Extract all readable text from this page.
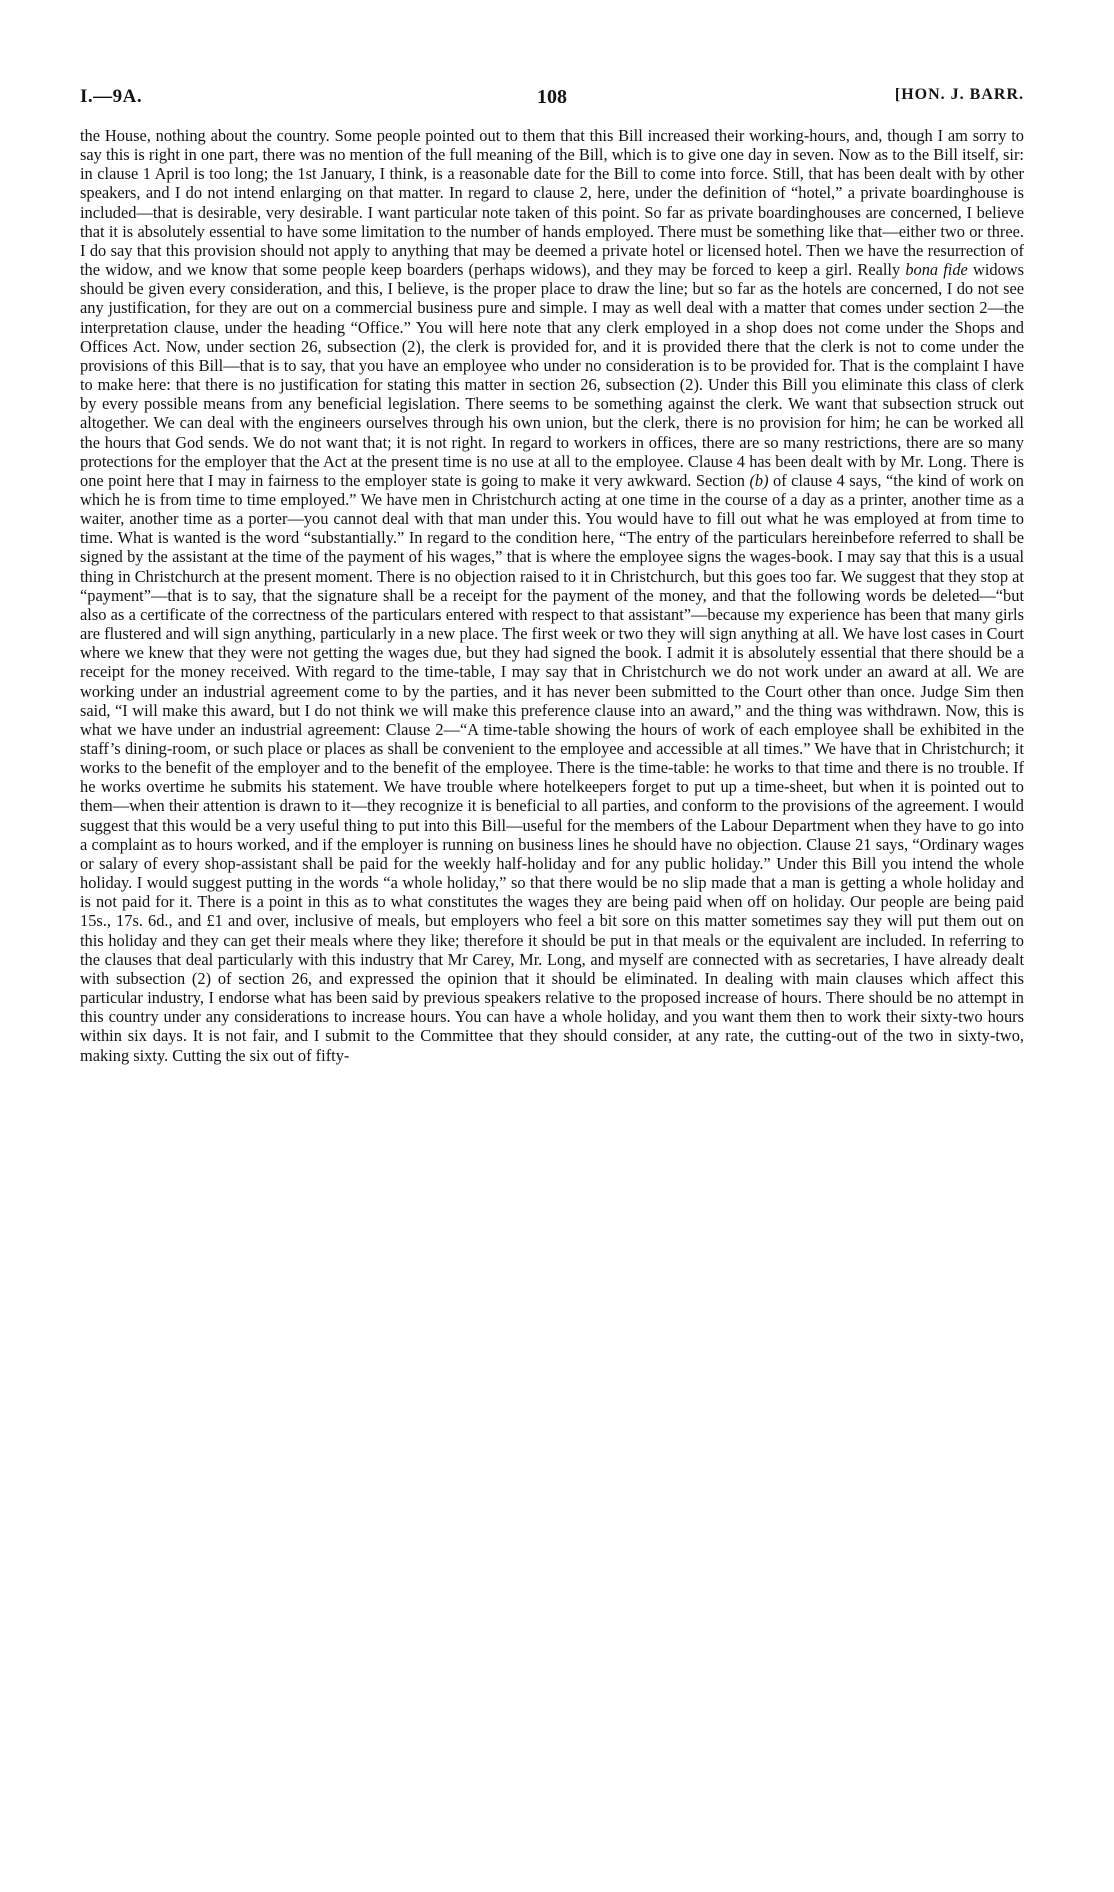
I.—9A.	108	[HON. J. BARR.

the House, nothing about the country. Some people pointed out to them that this Bill increased their working-hours, and, though I am sorry to say this is right in one part, there was no mention of the full meaning of the Bill, which is to give one day in seven. Now as to the Bill itself, sir: in clause 1 April is too long; the 1st January, I think, is a reasonable date for the Bill to come into force. Still, that has been dealt with by other speakers, and I do not intend enlarging on that matter. In regard to clause 2, here, under the definition of “hotel,” a private boardinghouse is included—that is desirable, very desirable. I want particular note taken of this point. So far as private boardinghouses are concerned, I believe that it is absolutely essential to have some limitation to the number of hands employed. There must be something like that—either two or three. I do say that this provision should not apply to anything that may be deemed a private hotel or licensed hotel. Then we have the resurrection of the widow, and we know that some people keep boarders (perhaps widows), and they may be forced to keep a girl. Really bona fide widows should be given every consideration, and this, I believe, is the proper place to draw the line; but so far as the hotels are concerned, I do not see any justification, for they are out on a commercial business pure and simple. I may as well deal with a matter that comes under section 2—the interpretation clause, under the heading “Office.” You will here note that any clerk employed in a shop does not come under the Shops and Offices Act. Now, under section 26, subsection (2), the clerk is provided for, and it is provided there that the clerk is not to come under the provisions of this Bill—that is to say, that you have an employee who under no consideration is to be provided for. That is the complaint I have to make here: that there is no justification for stating this matter in section 26, subsection (2). Under this Bill you eliminate this class of clerk by every possible means from any beneficial legislation. There seems to be something against the clerk. We want that subsection struck out altogether. We can deal with the engineers ourselves through his own union, but the clerk, there is no provision for him; he can be worked all the hours that God sends. We do not want that; it is not right. In regard to workers in offices, there are so many restrictions, there are so many protections for the employer that the Act at the present time is no use at all to the employee. Clause 4 has been dealt with by Mr. Long. There is one point here that I may in fairness to the employer state is going to make it very awkward. Section (b) of clause 4 says, “the kind of work on which he is from time to time employed.” We have men in Christchurch acting at one time in the course of a day as a printer, another time as a waiter, another time as a porter—you cannot deal with that man under this. You would have to fill out what he was employed at from time to time. What is wanted is the word “substantially.” In regard to the condition here, “The entry of the particulars hereinbefore referred to shall be signed by the assistant at the time of the payment of his wages,” that is where the employee signs the wages-book. I may say that this is a usual thing in Christchurch at the present moment. There is no objection raised to it in Christchurch, but this goes too far. We suggest that they stop at “payment”—that is to say, that the signature shall be a receipt for the payment of the money, and that the following words be deleted—“but also as a certificate of the correctness of the particulars entered with respect to that assistant”—because my experience has been that many girls are flustered and will sign anything, particularly in a new place. The first week or two they will sign anything at all. We have lost cases in Court where we knew that they were not getting the wages due, but they had signed the book. I admit it is absolutely essential that there should be a receipt for the money received. With regard to the time-table, I may say that in Christchurch we do not work under an award at all. We are working under an industrial agreement come to by the parties, and it has never been submitted to the Court other than once. Judge Sim then said, “I will make this award, but I do not think we will make this preference clause into an award,” and the thing was withdrawn. Now, this is what we have under an industrial agreement: Clause 2—“A time-table showing the hours of work of each employee shall be exhibited in the staff’s dining-room, or such place or places as shall be convenient to the employee and accessible at all times.” We have that in Christchurch; it works to the benefit of the employer and to the benefit of the employee. There is the time-table: he works to that time and there is no trouble. If he works overtime he submits his statement. We have trouble where hotelkeepers forget to put up a time-sheet, but when it is pointed out to them—when their attention is drawn to it—they recognize it is beneficial to all parties, and conform to the provisions of the agreement. I would suggest that this would be a very useful thing to put into this Bill—useful for the members of the Labour Department when they have to go into a complaint as to hours worked, and if the employer is running on business lines he should have no objection. Clause 21 says, “Ordinary wages or salary of every shop-assistant shall be paid for the weekly half-holiday and for any public holiday.” Under this Bill you intend the whole holiday. I would suggest putting in the words “a whole holiday,” so that there would be no slip made that a man is getting a whole holiday and is not paid for it. There is a point in this as to what constitutes the wages they are being paid when off on holiday. Our people are being paid 15s., 17s. 6d., and £1 and over, inclusive of meals, but employers who feel a bit sore on this matter sometimes say they will put them out on this holiday and they can get their meals where they like; therefore it should be put in that meals or the equivalent are included. In referring to the clauses that deal particularly with this industry that Mr Carey, Mr. Long, and myself are connected with as secretaries, I have already dealt with subsection (2) of section 26, and expressed the opinion that it should be eliminated. In dealing with main clauses which affect this particular industry, I endorse what has been said by previous speakers relative to the proposed increase of hours. There should be no attempt in this country under any considerations to increase hours. You can have a whole holiday, and you want them then to work their sixty-two hours within six days. It is not fair, and I submit to the Committee that they should consider, at any rate, the cutting-out of the two in sixty-two, making sixty. Cutting the six out of fifty-
